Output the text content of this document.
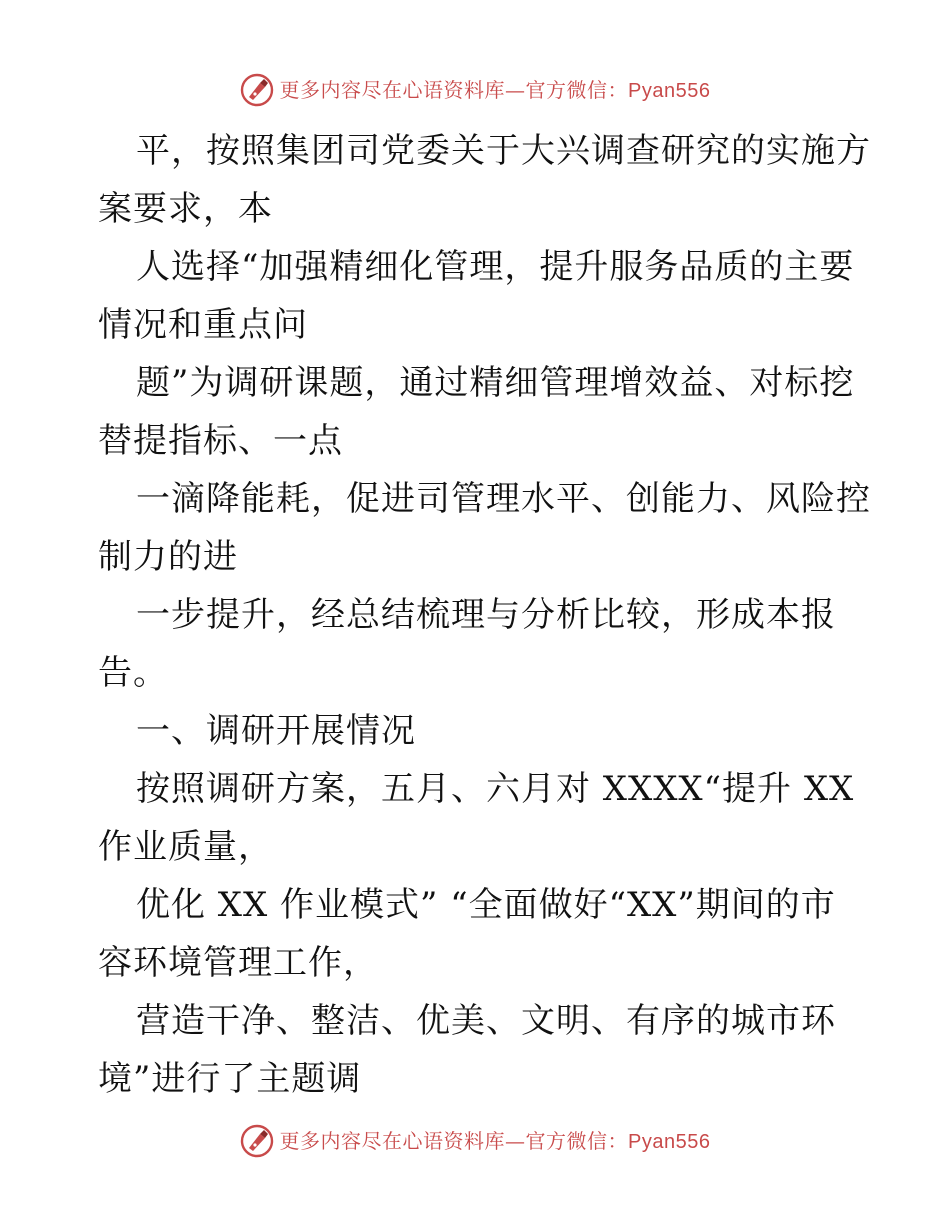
更多内容尽在心语资料库—官方微信：Pyan556

平，按照集团司党委关于大兴调查研究的实施方
案要求，本

人选择“加强精细化管理，提升服务品质的主要
情况和重点问

题”为调研课题，通过精细管理增效益、对标挖
替提指标、一点

一滴降能耗，促进司管理水平、创能力、风险控
制力的进

一步提升，经总结梳理与分析比较，形成本报
告。

一、调研开展情况

按照调研方案，五月、六月对 XXXX“提升 XX
作业质量，

优化 XX 作业模式” “全面做好“XX”期间的市
容环境管理工作，

营造干净、整洁、优美、文明、有序的城市环
境”进行了主题调

更多内容尽在心语资料库—官方微信：Pyan556
